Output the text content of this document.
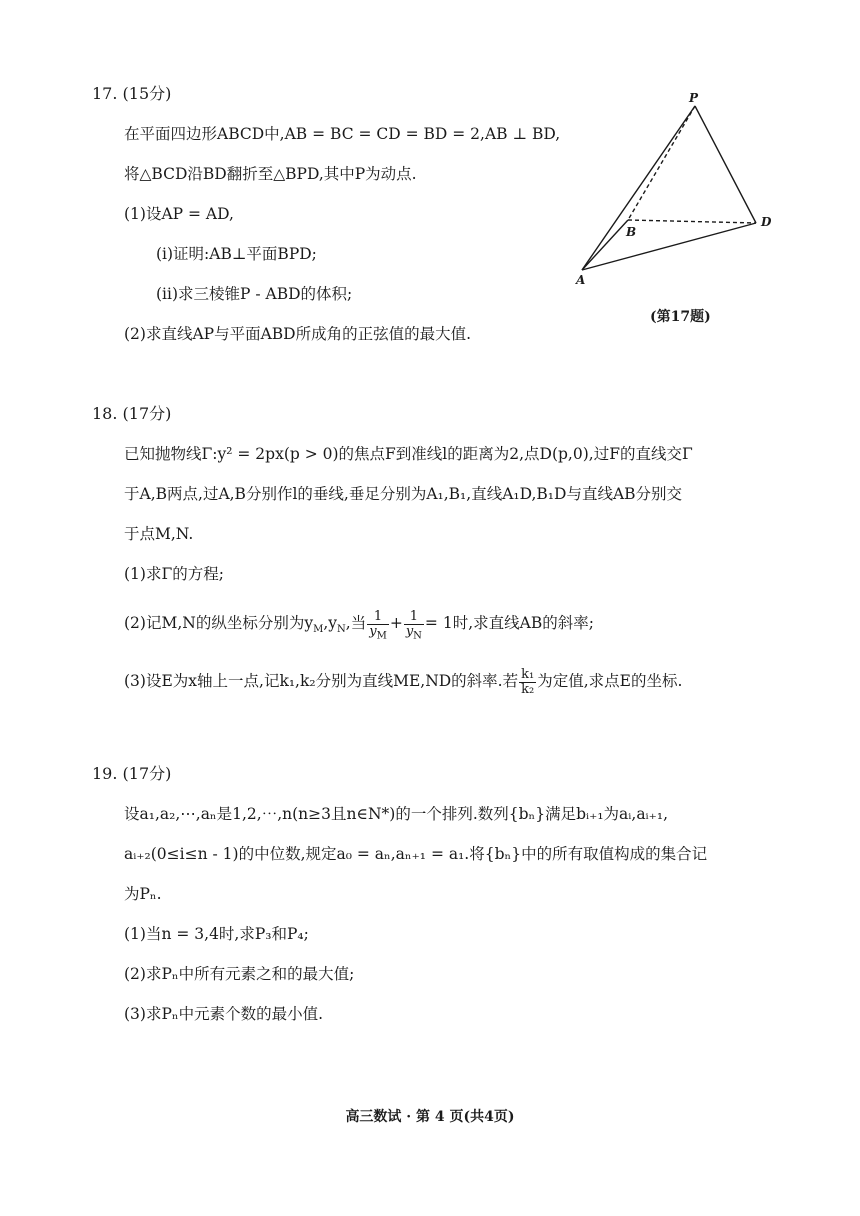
17. (15分)
在平面四边形ABCD中,AB = BC = CD = BD = 2,AB ⊥ BD,
将△BCD沿BD翻折至△BPD,其中P为动点.
(1)设AP = AD,
(ⅰ)证明:AB⊥平面BPD;
(ⅱ)求三棱锥P - ABD的体积;
(2)求直线AP与平面ABD所成角的正弦值的最大值.
P
B
D
A
(第17题)
18. (17分)
已知抛物线Γ:y² = 2px(p > 0)的焦点F到准线l的距离为2,点D(p,0),过F的直线交Γ
于A,B两点,过A,B分别作l的垂线,垂足分别为A₁,B₁,直线A₁D,B₁D与直线AB分别交
于点M,N.
(1)求Γ的方程;
(2)记M,N的纵坐标分别为$y_M,y_N$,当 $\frac{1}{y_M} + \frac{1}{y_N} = 1$时,求直线AB的斜率;
(3)设E为x轴上一点,记k₁,k₂分别为直线ME,ND的斜率.若 $\frac{\text{k₁}}{\text{k₂}}$ 为定值,求点E的坐标.
19. (17分)
设a₁,a₂,⋯,aₙ是1,2,⋯,n(n≥3且n∈N*)的一个排列.数列{bₙ}满足bᵢ₊₁为aᵢ,aᵢ₊₁,
aᵢ₊₂(0≤i≤n - 1)的中位数,规定a₀ = aₙ,aₙ₊₁ = a₁.将{bₙ}中的所有取值构成的集合记
为Pₙ.
(1)当n = 3,4时,求P₃和P₄;
(2)求Pₙ中所有元素之和的最大值;
(3)求Pₙ中元素个数的最小值.
高三数试 · 第 4 页(共4页)
